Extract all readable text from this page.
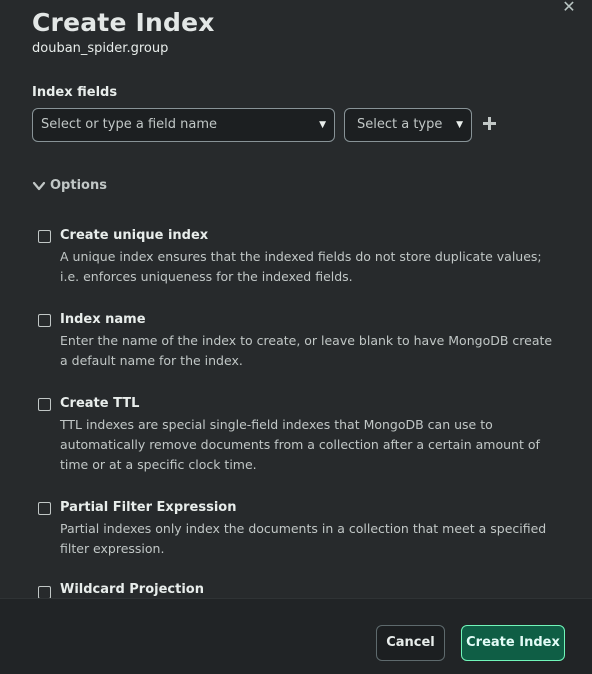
✕
Create Index
douban_spider.group
Index fields
Select or type a field name	▼	Select a type ▼
Options
Create unique index
A unique index ensures that the indexed fields do not store duplicate values; i.e. enforces uniqueness for the indexed fields.
Index name
Enter the name of the index to create, or leave blank to have MongoDB create a default name for the index.
Create TTL
TTL indexes are special single-field indexes that MongoDB can use to automatically remove documents from a collection after a certain amount of time or at a specific clock time.
Partial Filter Expression
Partial indexes only index the documents in a collection that meet a specified filter expression.
Wildcard Projection
Cancel	Create Index
